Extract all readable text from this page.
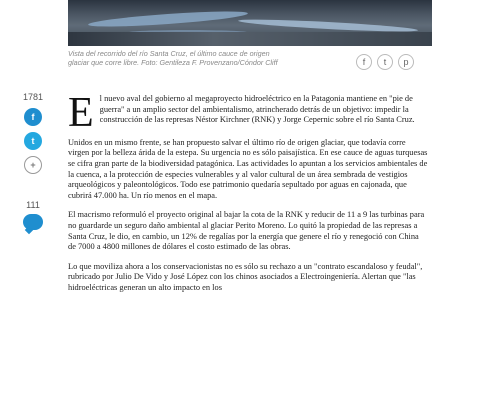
Vista del recorrido del río Santa Cruz, el último cauce de origen glaciar que corre libre. Foto: Gentileza F. Provenzano/Cóndor Cliff	f	t	p
1781
f
t
+
111

El nuevo aval del gobierno al megaproyecto hidroeléctrico en la Patagonia mantiene en "pie de guerra" a un amplio sector del ambientalismo, atrincherado detrás de un objetivo: impedir la construcción de las represas Néstor Kirchner (RNK) y Jorge Cepernic sobre el río Santa Cruz.

Unidos en un mismo frente, se han propuesto salvar el último río de origen glaciar, que todavía corre virgen por la belleza árida de la estepa. Su urgencia no es sólo paisajística. En ese cauce de aguas turquesas se cifra gran parte de la biodiversidad patagónica. Las actividades lo apuntan a los servicios ambientales de la cuenca, a la protección de especies vulnerables y al valor cultural de un área sembrada de vestigios arqueológicos y paleontológicos. Todo ese patrimonio quedaría sepultado por aguas en cajonada, que cubrirá 47.000 ha. Un río menos en el mapa.

El macrismo reformuló el proyecto original al bajar la cota de la RNK y reducir de 11 a 9 las turbinas para no guardarde un seguro daño ambiental al glaciar Perito Moreno. Lo quitó la propiedad de las represas a Santa Cruz, le dio, en cambio, un 12% de regalías por la energía que genere el río y renegoció con China de 7000 a 4800 millones de dólares el costo estimado de las obras.

Lo que moviliza ahora a los conservacionistas no es sólo su rechazo a un "contrato escandaloso y feudal", rubricado por Julio De Vido y José López con los chinos asociados a Electroingeniería. Alertan que "las hidroeléctricas generan un alto impacto en los
